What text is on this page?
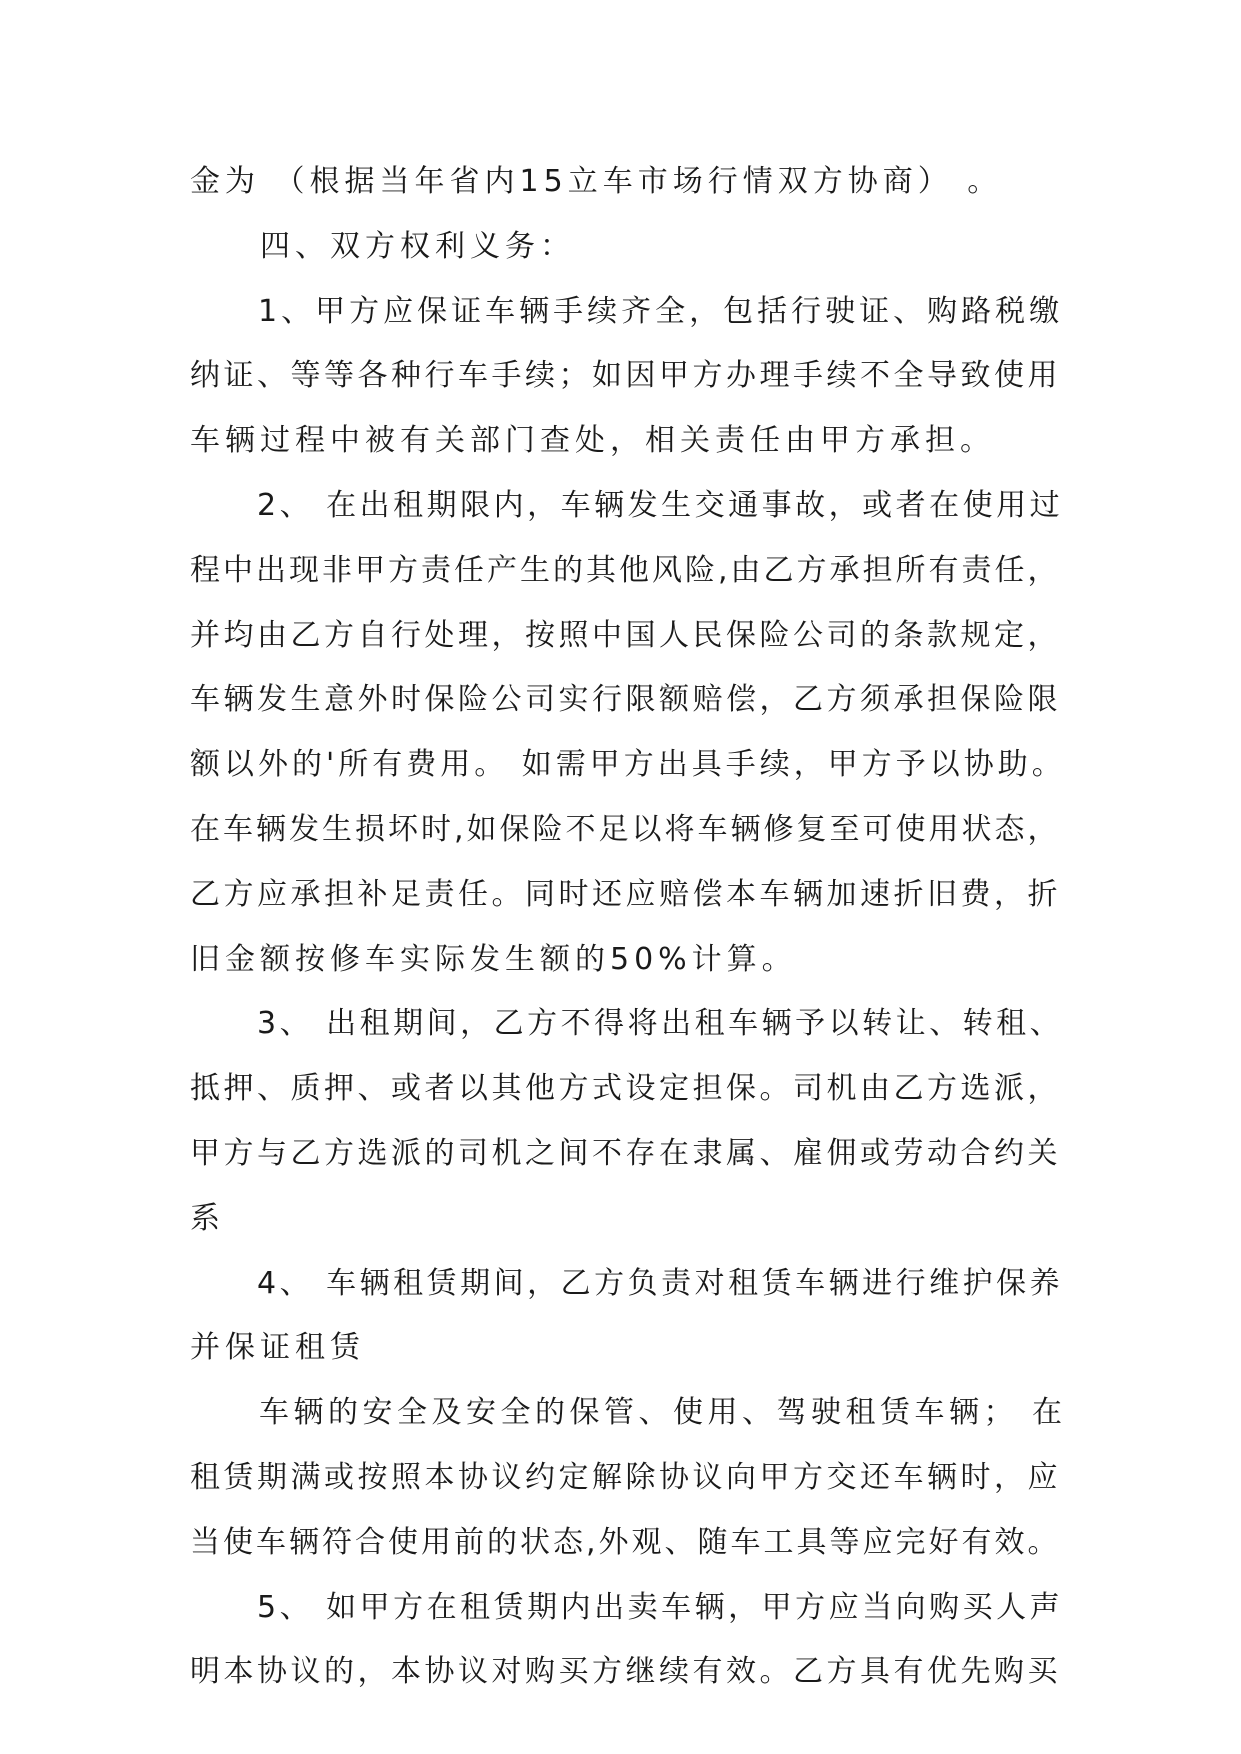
金为 （根据当年省内15立车市场行情双方协商） 。

　　四、双方权利义务：

　　1、甲方应保证车辆手续齐全，包括行驶证、购路税缴

纳证、等等各种行车手续；如因甲方办理手续不全导致使用

车辆过程中被有关部门查处，相关责任由甲方承担。

　　2、 在出租期限内，车辆发生交通事故，或者在使用过

程中出现非甲方责任产生的其他风险,由乙方承担所有责任，

并均由乙方自行处理，按照中国人民保险公司的条款规定，

车辆发生意外时保险公司实行限额赔偿，乙方须承担保险限

额以外的'所有费用。 如需甲方出具手续，甲方予以协助。

在车辆发生损坏时,如保险不足以将车辆修复至可使用状态，

乙方应承担补足责任。同时还应赔偿本车辆加速折旧费，折

旧金额按修车实际发生额的50%计算。

　　3、 出租期间，乙方不得将出租车辆予以转让、转租、

抵押、质押、或者以其他方式设定担保。司机由乙方选派，

甲方与乙方选派的司机之间不存在隶属、雇佣或劳动合约关

系

　　4、 车辆租赁期间，乙方负责对租赁车辆进行维护保养

并保证租赁

　　车辆的安全及安全的保管、使用、驾驶租赁车辆； 在

租赁期满或按照本协议约定解除协议向甲方交还车辆时，应

当使车辆符合使用前的状态,外观、随车工具等应完好有效。

　　5、 如甲方在租赁期内出卖车辆，甲方应当向购买人声

明本协议的，本协议对购买方继续有效。乙方具有优先购买
